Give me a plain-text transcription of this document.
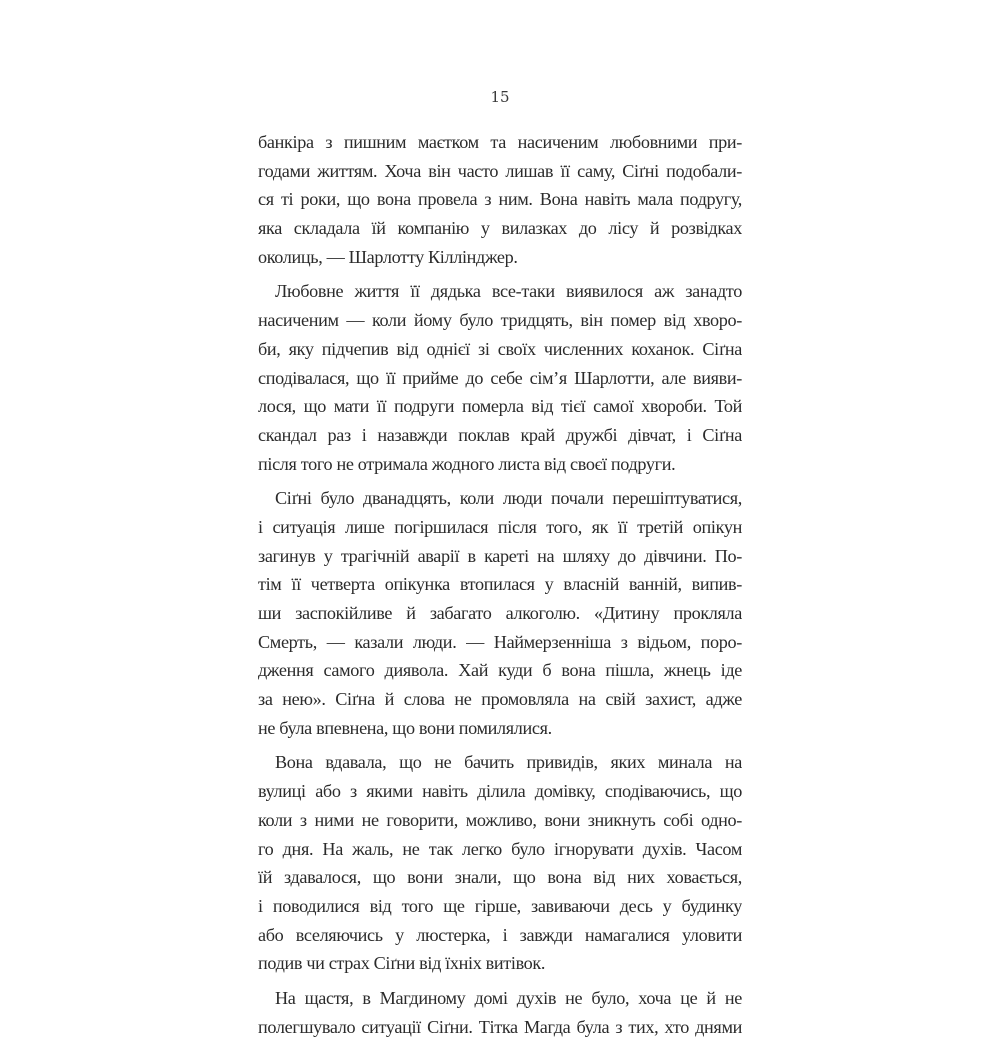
15
банкіра з пишним маєтком та насиченим любовними при-
годами життям. Хоча він часто лишав її саму, Сіґні подобали-
ся ті роки, що вона провела з ним. Вона навіть мала подругу,
яка складала їй компанію у вилазках до лісу й розвідках
околиць, — Шарлотту Кіллінджер.
Любовне життя її дядька все-таки виявилося аж занадто
насиченим — коли йому було тридцять, він помер від хворо-
би, яку підчепив від однієї зі своїх численних коханок. Сіґна
сподівалася, що її прийме до себе сім’я Шарлотти, але вияви-
лося, що мати її подруги померла від тієї самої хвороби. Той
скандал раз і назавжди поклав край дружбі дівчат, і Сіґна
після того не отримала жодного листа від своєї подруги.
Сіґні було дванадцять, коли люди почали перешіптуватися,
і ситуація лише погіршилася після того, як її третій опікун
загинув у трагічній аварії в кареті на шляху до дівчини. По-
тім її четверта опікунка втопилася у власній ванній, випив-
ши заспокійливе й забагато алкоголю. «Дитину прокляла
Смерть, — казали люди. — Наймерзенніша з відьом, поро-
дження самого диявола. Хай куди б вона пішла, жнець іде
за нею». Сіґна й слова не промовляла на свій захист, адже
не була впевнена, що вони помилялися.
Вона вдавала, що не бачить привидів, яких минала на
вулиці або з якими навіть ділила домівку, сподіваючись, що
коли з ними не говорити, можливо, вони зникнуть собі одно-
го дня. На жаль, не так легко було ігнорувати духів. Часом
їй здавалося, що вони знали, що вона від них ховається,
і поводилися від того ще гірше, завиваючи десь у будинку
або вселяючись у люстерка, і завжди намагалися уловити
подив чи страх Сіґни від їхніх витівок.
На щастя, в Магдиному домі духів не було, хоча це й не
полегшувало ситуації Сіґни. Тітка Магда була з тих, хто днями
